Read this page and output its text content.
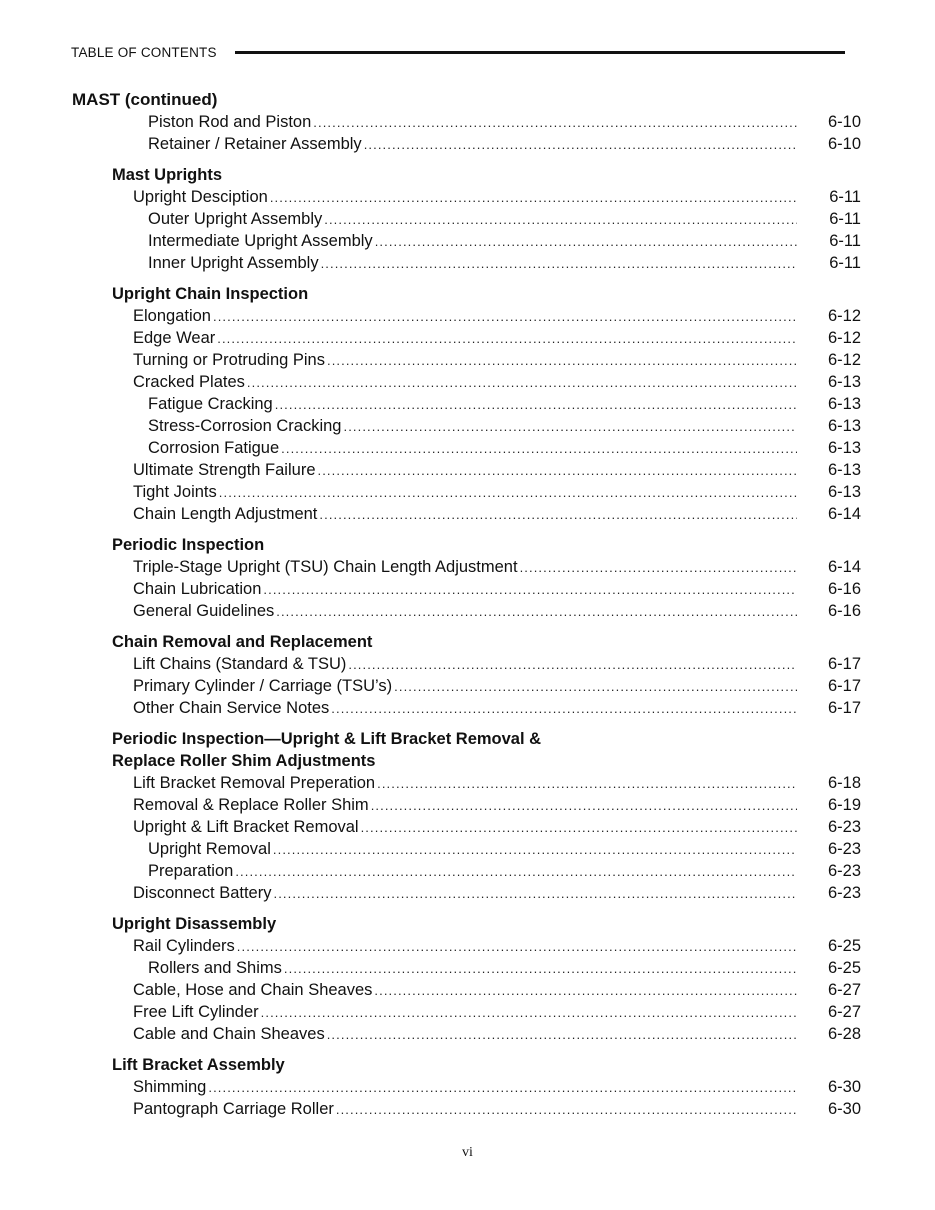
TABLE OF CONTENTS
MAST (continued)
Piston Rod and Piston .....	6-10
Retainer / Retainer Assembly .....	6-10
Mast Uprights
Upright Desciption .....	6-11
Outer Upright Assembly .....	6-11
Intermediate Upright Assembly .....	6-11
Inner Upright Assembly .....	6-11
Upright Chain Inspection
Elongation .....	6-12
Edge Wear .....	6-12
Turning or Protruding Pins .....	6-12
Cracked Plates .....	6-13
Fatigue Cracking .....	6-13
Stress-Corrosion Cracking .....	6-13
Corrosion Fatigue .....	6-13
Ultimate Strength Failure .....	6-13
Tight Joints .....	6-13
Chain Length Adjustment .....	6-14
Periodic Inspection
Triple-Stage Upright (TSU) Chain Length Adjustment .....	6-14
Chain Lubrication .....	6-16
General Guidelines .....	6-16
Chain Removal and Replacement
Lift Chains (Standard & TSU) .....	6-17
Primary Cylinder / Carriage (TSU’s) .....	6-17
Other Chain Service Notes .....	6-17
Periodic Inspection—Upright & Lift Bracket Removal &
Replace Roller Shim Adjustments
Lift Bracket Removal Preperation .....	6-18
Removal & Replace Roller Shim .....	6-19
Upright & Lift Bracket Removal .....	6-23
Upright Removal .....	6-23
Preparation .....	6-23
Disconnect Battery .....	6-23
Upright Disassembly
Rail Cylinders .....	6-25
Rollers and Shims .....	6-25
Cable, Hose and Chain Sheaves .....	6-27
Free Lift Cylinder .....	6-27
Cable and Chain Sheaves .....	6-28
Lift Bracket Assembly
Shimming .....	6-30
Pantograph Carriage Roller .....	6-30
vi
